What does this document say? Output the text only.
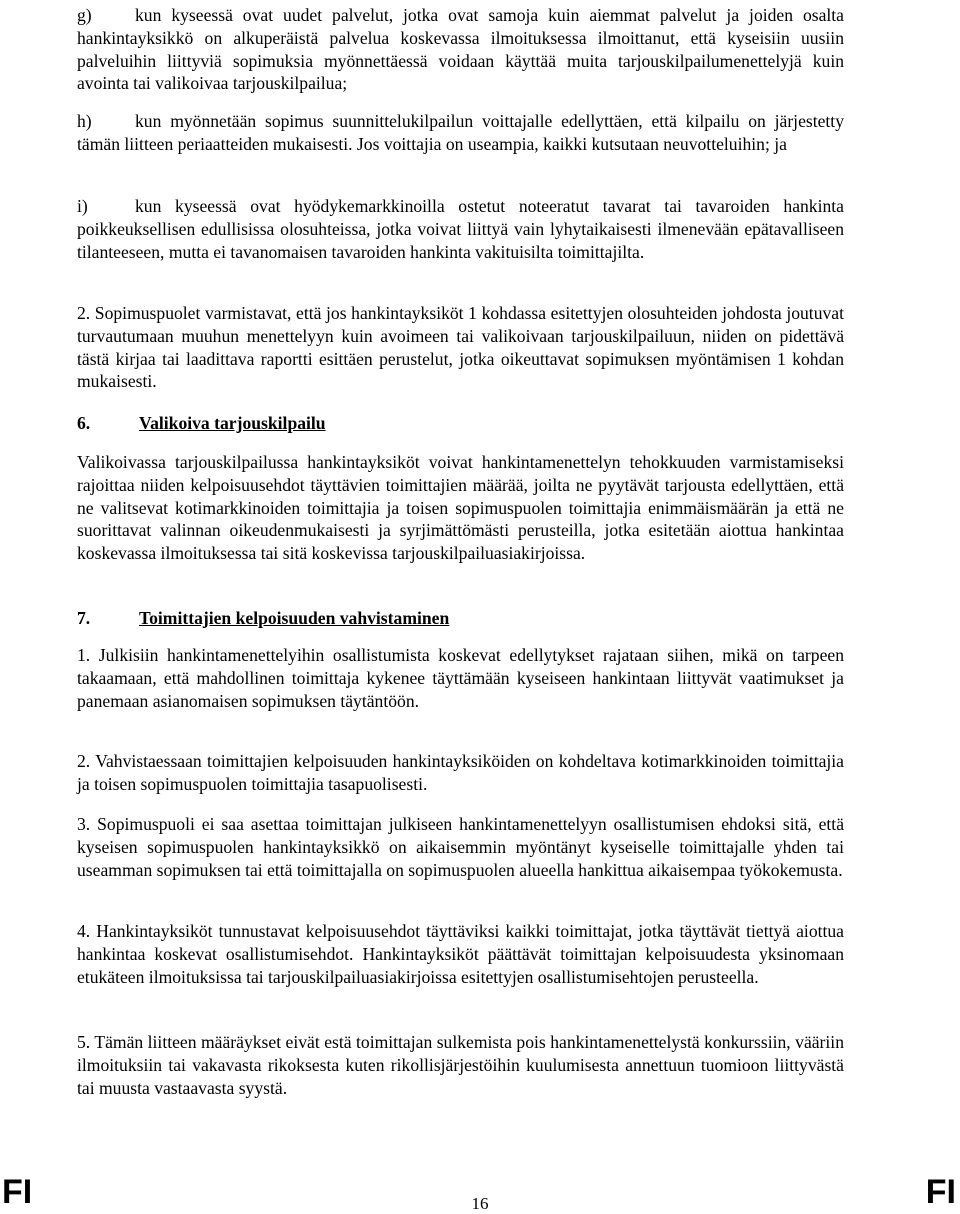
g) kun kyseessä ovat uudet palvelut, jotka ovat samoja kuin aiemmat palvelut ja joiden osalta hankintayksikkö on alkuperäistä palvelua koskevassa ilmoituksessa ilmoittanut, että kyseisiin uusiin palveluihin liittyviä sopimuksia myönnettäessä voidaan käyttää muita tarjouskilpailumenettelyjä kuin avointa tai valikoivaa tarjouskilpailua;

h) kun myönnetään sopimus suunnittelukilpailun voittajalle edellyttäen, että kilpailu on järjestetty tämän liitteen periaatteiden mukaisesti. Jos voittajia on useampia, kaikki kutsutaan neuvotteluihin; ja

i)	kun kyseessä ovat hyödykemarkkinoilla ostetut noteeratut tavarat tai tavaroiden hankinta poikkeuksellisen edullisissa olosuhteissa, jotka voivat liittyä vain lyhytaikaisesti ilmenevään epätavalliseen tilanteeseen, mutta ei tavanomaisen tavaroiden hankinta vakituisilta toimittajilta.

2. Sopimuspuolet varmistavat, että jos hankintayksiköt 1 kohdassa esitettyjen olosuhteiden johdosta joutuvat turvautumaan muuhun menettelyyn kuin avoimeen tai valikoivaan tarjouskilpailuun, niiden on pidettävä tästä kirjaa tai laadittava raportti esittäen perustelut, jotka oikeuttavat sopimuksen myöntämisen 1 kohdan mukaisesti.

6.	Valikoiva tarjouskilpailu

Valikoivassa tarjouskilpailussa hankintayksiköt voivat hankintamenettelyn tehokkuuden varmistamiseksi rajoittaa niiden kelpoisuusehdot täyttävien toimittajien määrää, joilta ne pyytävät tarjousta edellyttäen, että ne valitsevat kotimarkkinoiden toimittajia ja toisen sopimuspuolen toimittajia enimmäismäärän ja että ne suorittavat valinnan oikeudenmukaisesti ja syrjimättömästi perusteilla, jotka esitetään aiottua hankintaa koskevassa ilmoituksessa tai sitä koskevissa tarjouskilpailuasiakirjoissa.

7.	Toimittajien kelpoisuuden vahvistaminen

1. Julkisiin hankintamenettelyihin osallistumista koskevat edellytykset rajataan siihen, mikä on tarpeen takaamaan, että mahdollinen toimittaja kykenee täyttämään kyseiseen hankintaan liittyvät vaatimukset ja panemaan asianomaisen sopimuksen täytäntöön.

2. Vahvistaessaan toimittajien kelpoisuuden hankintayksiköiden on kohdeltava kotimarkkinoiden toimittajia ja toisen sopimuspuolen toimittajia tasapuolisesti.

3. Sopimuspuoli ei saa asettaa toimittajan julkiseen hankintamenettelyyn osallistumisen ehdoksi sitä, että kyseisen sopimuspuolen hankintayksikkö on aikaisemmin myöntänyt kyseiselle toimittajalle yhden tai useamman sopimuksen tai että toimittajalla on sopimuspuolen alueella hankittua aikaisempaa työkokemusta.

4. Hankintayksiköt tunnustavat kelpoisuusehdot täyttäviksi kaikki toimittajat, jotka täyttävät tiettyä aiottua hankintaa koskevat osallistumisehdot. Hankintayksiköt päättävät toimittajan kelpoisuudesta yksinomaan etukäteen ilmoituksissa tai tarjouskilpailuasiakirjoissa esitettyjen osallistumisehtojen perusteella.

5. Tämän liitteen määräykset eivät estä toimittajan sulkemista pois hankintamenettelystä konkurssiin, vääriin ilmoituksiin tai vakavasta rikoksesta kuten rikollisjärjestöihin kuulumisesta annettuun tuomioon liittyvästä tai muusta vastaavasta syystä.

FI	16	FI
